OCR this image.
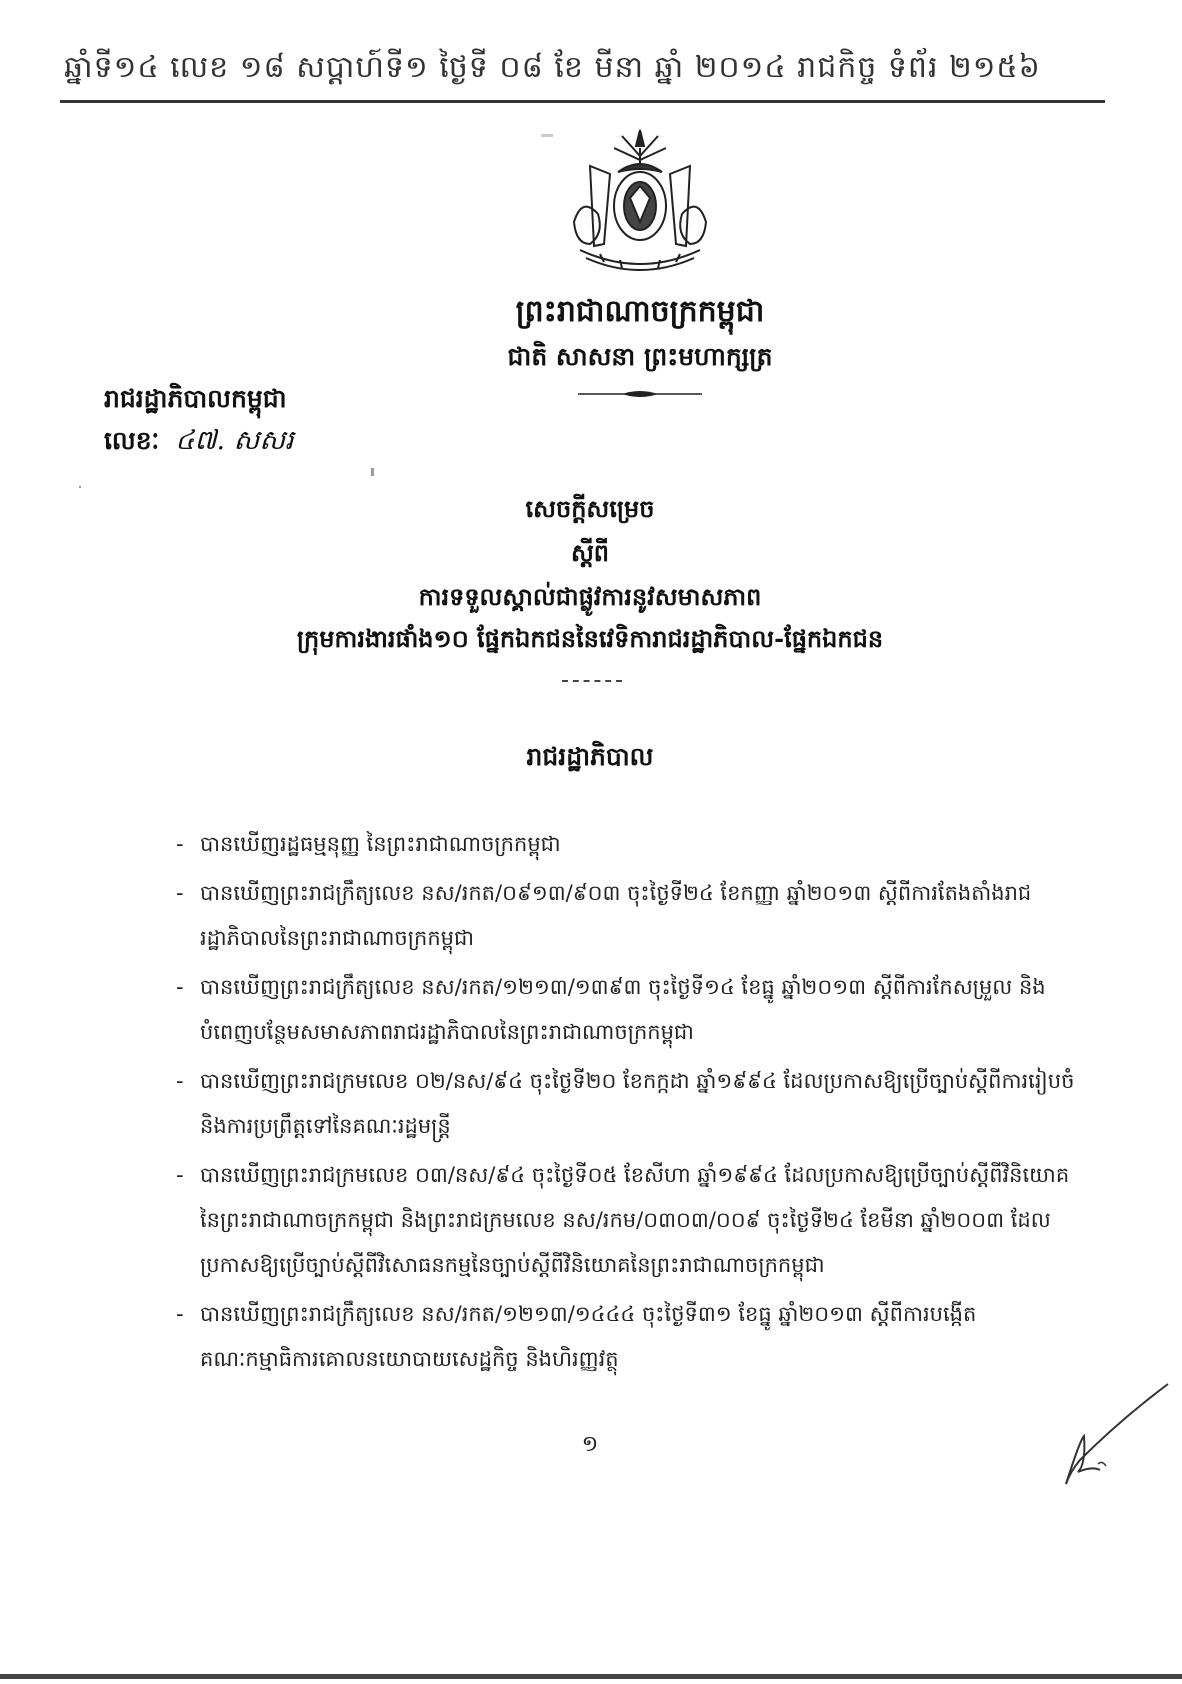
ឆ្នាំទី១៤ លេខ ១៨ សប្តាហ៍ទី១ ថ្ងៃទី ០៨ ខែ មីនា ឆ្នាំ ២០១៤ រាជកិច្ច ទំព័រ ២១៥៦
ព្រះរាជាណាចក្រកម្ពុជា
ជាតិ សាសនា ព្រះមហាក្សត្រ
រាជរដ្ឋាភិបាលកម្ពុជា
លេខៈ ៤៧. សសរ
សេចក្តីសម្រេច
ស្តីពី
ការទទួលស្គាល់ជាផ្លូវការនូវសមាសភាព
ក្រុមការងារផាំង១០ ផ្នែកឯកជននៃវេទិការាជរដ្ឋាភិបាល-ផ្នែកឯកជន
រាជរដ្ឋាភិបាល
- បានឃើញរដ្ឋធម្មនុញ្ញ នៃព្រះរាជាណាចក្រកម្ពុជា
- បានឃើញព្រះរាជក្រឹត្យលេខ នស/រកត/០៩១៣/៩០៣ ចុះថ្ងៃទី២៤ ខែកញ្ញា ឆ្នាំ២០១៣ ស្តីពីការតែងតាំងរាជរដ្ឋាភិបាលនៃព្រះរាជាណាចក្រកម្ពុជា
- បានឃើញព្រះរាជក្រឹត្យលេខ នស/រកត/១២១៣/១៣៩៣ ចុះថ្ងៃទី១៤ ខែធ្នូ ឆ្នាំ២០១៣ ស្តីពីការកែសម្រួល និងបំពេញបន្ថែមសមាសភាពរាជរដ្ឋាភិបាលនៃព្រះរាជាណាចក្រកម្ពុជា
- បានឃើញព្រះរាជក្រមលេខ ០២/នស/៩៤ ចុះថ្ងៃទី២០ ខែកក្កដា ឆ្នាំ១៩៩៤ ដែលប្រកាសឱ្យប្រើច្បាប់ស្តីពីការរៀបចំ និងការប្រព្រឹត្តទៅនៃគណៈរដ្ឋមន្ត្រី
- បានឃើញព្រះរាជក្រមលេខ ០៣/នស/៩៤ ចុះថ្ងៃទី០៥ ខែសីហា ឆ្នាំ១៩៩៤ ដែលប្រកាសឱ្យប្រើច្បាប់ស្តីពីវិនិយោគនៃព្រះរាជាណាចក្រកម្ពុជា និងព្រះរាជក្រមលេខ នស/រកម/០៣០៣/០០៩ ចុះថ្ងៃទី២៤ ខែមីនា ឆ្នាំ២០០៣ ដែលប្រកាសឱ្យប្រើច្បាប់ស្តីពីវិសោធនកម្មនៃច្បាប់ស្តីពីវិនិយោគនៃព្រះរាជាណាចក្រកម្ពុជា
- បានឃើញព្រះរាជក្រឹត្យលេខ នស/រកត/១២១៣/១៤៤៤ ចុះថ្ងៃទី៣១ ខែធ្នូ ឆ្នាំ២០១៣ ស្តីពីការបង្កើតគណៈកម្មាធិការគោលនយោបាយសេដ្ឋកិច្ច និងហិរញ្ញវត្ថុ
១
